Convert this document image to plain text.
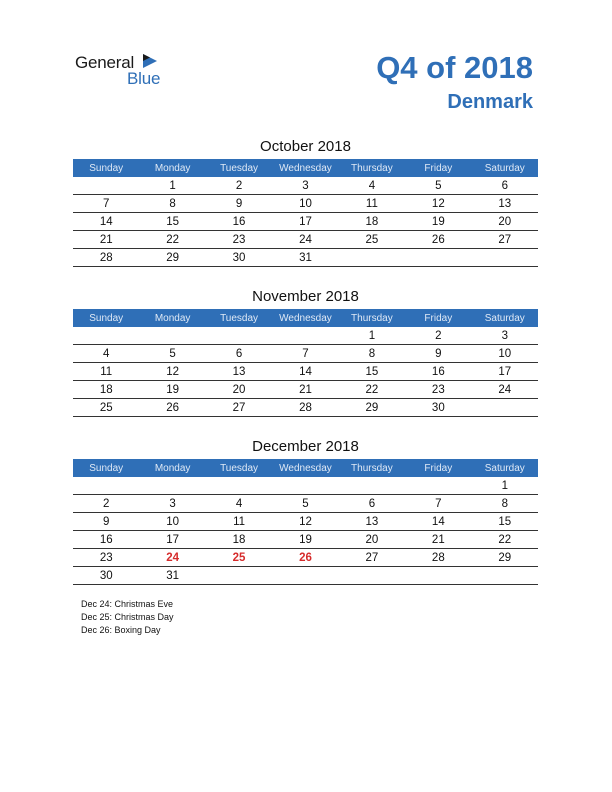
General
Blue	Q4 of 2018
Denmark
October 2018
Sunday	Monday	Tuesday	Wednesday	Thursday	Friday	Saturday
	1	2	3	4	5	6
7	8	9	10	11	12	13
14	15	16	17	18	19	20
21	22	23	24	25	26	27
28	29	30	31			
November 2018
Sunday	Monday	Tuesday	Wednesday	Thursday	Friday	Saturday
				1	2	3
4	5	6	7	8	9	10
11	12	13	14	15	16	17
18	19	20	21	22	23	24
25	26	27	28	29	30	
December 2018
Sunday	Monday	Tuesday	Wednesday	Thursday	Friday	Saturday
						1
2	3	4	5	6	7	8
9	10	11	12	13	14	15
16	17	18	19	20	21	22
23	24	25	26	27	28	29
30	31					
Dec 24: Christmas Eve
Dec 25: Christmas Day
Dec 26: Boxing Day
